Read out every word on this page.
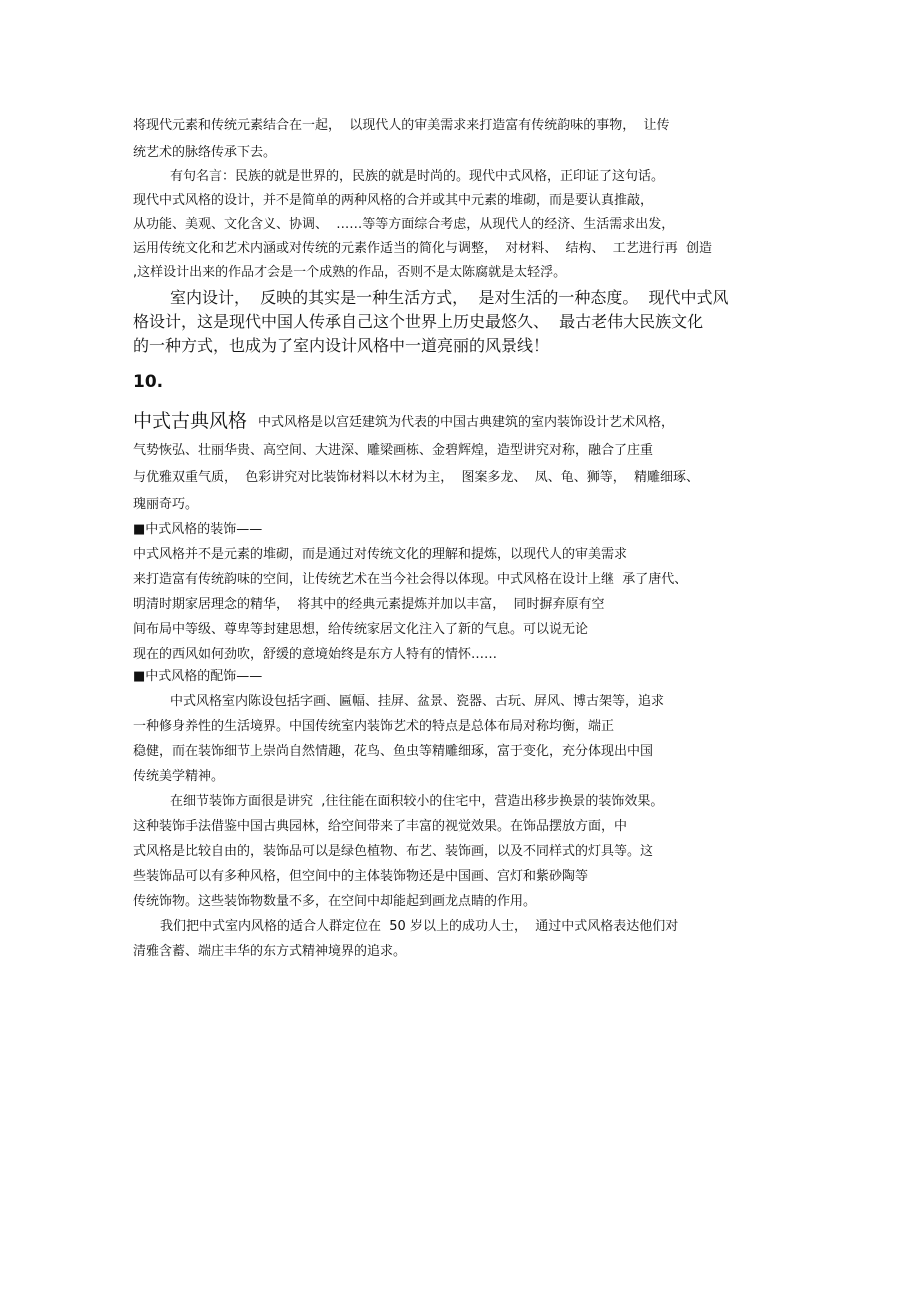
将现代元素和传统元素结合在一起，  以现代人的审美需求来打造富有传统韵味的事物，  让传
统艺术的脉络传承下去。
有句名言：民族的就是世界的，民族的就是时尚的。现代中式风格，正印证了这句话。
现代中式风格的设计，并不是简单的两种风格的合并或其中元素的堆砌，而是要认真推敲，
从功能、美观、文化含义、协调、  ……等等方面综合考虑，从现代人的经济、生活需求出发，
运用传统文化和艺术内涵或对传统的元素作适当的简化与调整，  对材料、  结构、  工艺进行再  创造
,这样设计出来的作品才会是一个成熟的作品，否则不是太陈腐就是太轻浮。
室内设计，  反映的其实是一种生活方式，  是对生活的一种态度。  现代中式风
格设计，这是现代中国人传承自己这个世界上历史最悠久、  最古老伟大民族文化
的一种方式，也成为了室内设计风格中一道亮丽的风景线！
10.
中式古典风格 中式风格是以宫廷建筑为代表的中国古典建筑的室内装饰设计艺术风格，
气势恢弘、壮丽华贵、高空间、大进深、雕梁画栋、金碧辉煌，造型讲究对称，融合了庄重
与优雅双重气质，  色彩讲究对比装饰材料以木材为主，  图案多龙、  凤、龟、狮等，  精雕细琢、
瑰丽奇巧。
■中式风格的装饰——
中式风格并不是元素的堆砌，而是通过对传统文化的理解和提炼，以现代人的审美需求
来打造富有传统韵味的空间，让传统艺术在当今社会得以体现。中式风格在设计上继  承了唐代、
明清时期家居理念的精华，  将其中的经典元素提炼并加以丰富，  同时摒弃原有空
间布局中等级、尊卑等封建思想，给传统家居文化注入了新的气息。可以说无论
现在的西风如何劲吹，舒缓的意境始终是东方人特有的情怀……
■中式风格的配饰——
中式风格室内陈设包括字画、匾幅、挂屏、盆景、瓷器、古玩、屏风、博古架等，追求
一种修身养性的生活境界。中国传统室内装饰艺术的特点是总体布局对称均衡，端正
稳健，而在装饰细节上崇尚自然情趣，花鸟、鱼虫等精雕细琢，富于变化，充分体现出中国
传统美学精神。
在细节装饰方面很是讲究  ,往往能在面积较小的住宅中，营造出移步换景的装饰效果。
这种装饰手法借鉴中国古典园林，给空间带来了丰富的视觉效果。在饰品摆放方面，中
式风格是比较自由的，装饰品可以是绿色植物、布艺、装饰画，以及不同样式的灯具等。这
些装饰品可以有多种风格，但空间中的主体装饰物还是中国画、宫灯和紫砂陶等
传统饰物。这些装饰物数量不多，在空间中却能起到画龙点睛的作用。
我们把中式室内风格的适合人群定位在  50 岁以上的成功人士，  通过中式风格表达他们对
清雅含蓄、端庄丰华的东方式精神境界的追求。
